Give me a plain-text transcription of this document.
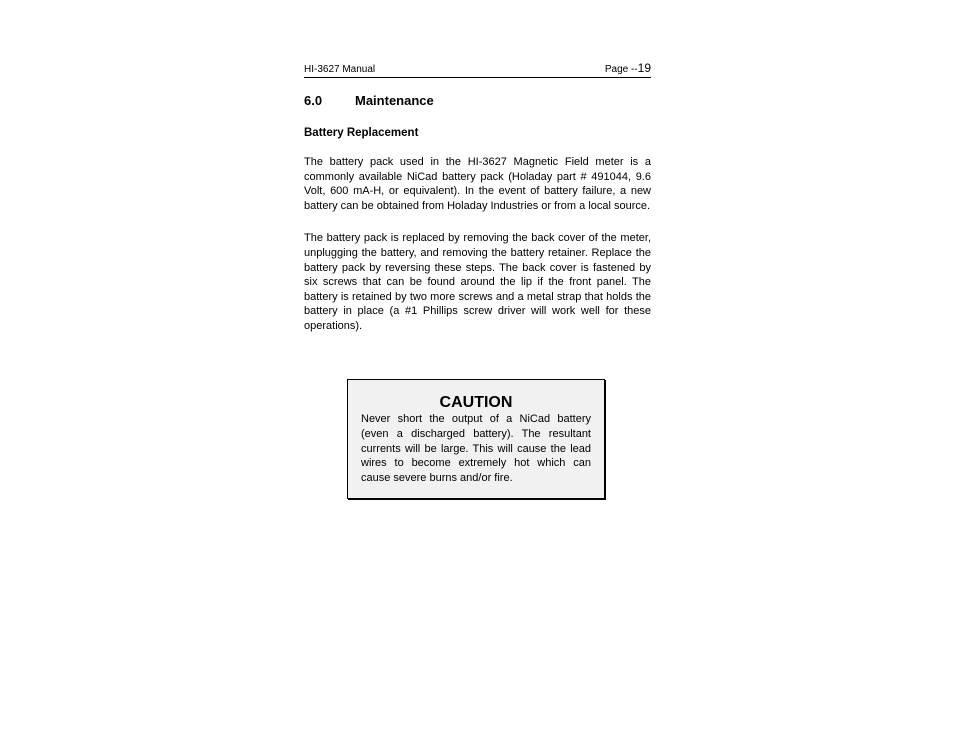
HI-3627 Manual	Page --19
6.0	Maintenance
Battery Replacement

The battery pack used in the HI-3627 Magnetic Field meter is a commonly available NiCad battery pack (Holaday part # 491044, 9.6 Volt, 600 mA-H, or equivalent). In the event of battery failure, a new battery can be obtained from Holaday Industries or from a local source.

The battery pack is replaced by removing the back cover of the meter, unplugging the battery, and removing the battery retainer. Replace the battery pack by reversing these steps. The back cover is fastened by six screws that can be found around the lip if the front panel. The battery is retained by two more screws and a metal strap that holds the battery in place (a #1 Phillips screw driver will work well for these operations).

CAUTION

Never short the output of a NiCad battery (even a discharged battery). The resultant currents will be large. This will cause the lead wires to become extremely hot which can cause severe burns and/or fire.
